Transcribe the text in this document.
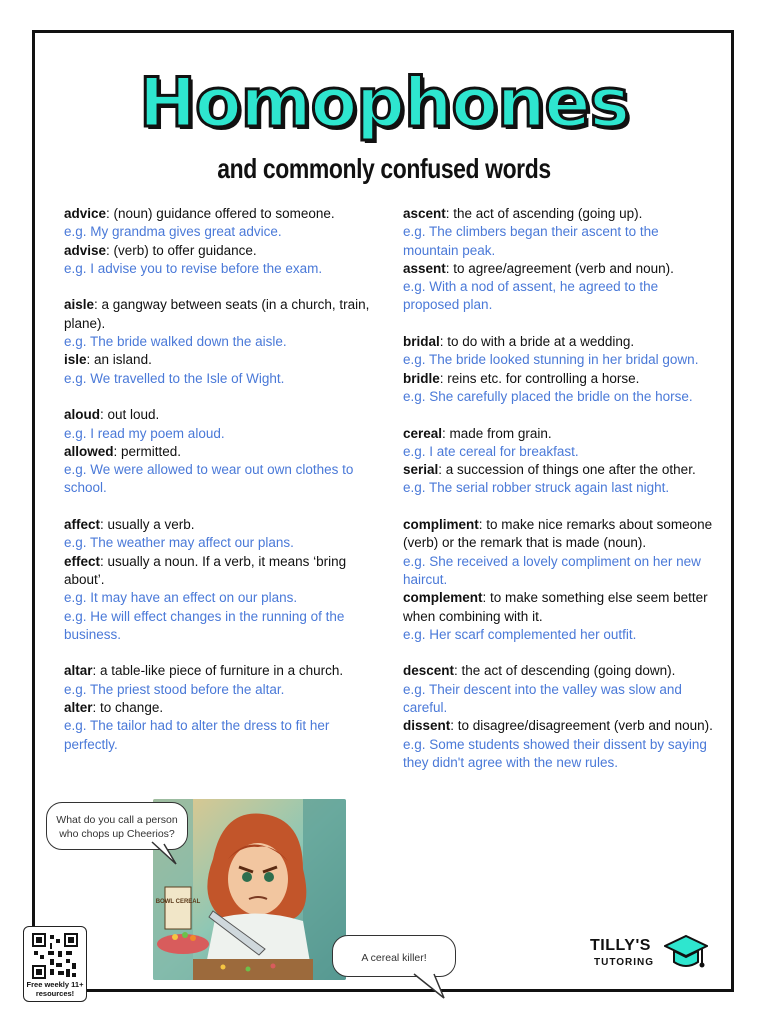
Homophones
and commonly confused words
advice: (noun) guidance offered to someone.
e.g. My grandma gives great advice.
advise: (verb) to offer guidance.
e.g. I advise you to revise before the exam.
aisle: a gangway between seats (in a church, train, plane).
e.g. The bride walked down the aisle.
isle: an island.
e.g. We travelled to the Isle of Wight.
aloud: out loud.
e.g. I read my poem aloud.
allowed: permitted.
e.g. We were allowed to wear out own clothes to school.
affect: usually a verb.
e.g. The weather may affect our plans.
effect: usually a noun. If a verb, it means ‘bring about’.
e.g. It may have an effect on our plans.
e.g. He will effect changes in the running of the business.
altar: a table-like piece of furniture in a church.
e.g. The priest stood before the altar.
alter: to change.
e.g. The tailor had to alter the dress to fit her perfectly.
ascent: the act of ascending (going up).
e.g. The climbers began their ascent to the mountain peak.
assent: to agree/agreement (verb and noun).
e.g. With a nod of assent, he agreed to the proposed plan.
bridal: to do with a bride at a wedding.
e.g. The bride looked stunning in her bridal gown.
bridle: reins etc. for controlling a horse.
e.g. She carefully placed the bridle on the horse.
cereal: made from grain.
e.g. I ate cereal for breakfast.
serial: a succession of things one after the other.
e.g. The serial robber struck again last night.
compliment: to make nice remarks about someone (verb) or the remark that is made (noun).
e.g. She received a lovely compliment on her new haircut.
complement: to make something else seem better when combining with it.
e.g. Her scarf complemented her outfit.
descent: the act of descending (going down).
e.g. Their descent into the valley was slow and careful.
dissent: to disagree/disagreement (verb and noun).
e.g. Some students showed their dissent by saying they didn't agree with the new rules.
BOWL CEREAL
What do you call a person who chops up Cheerios?
A cereal killer!
Free weekly 11+ resources!
TILLY'S
TUTORING
